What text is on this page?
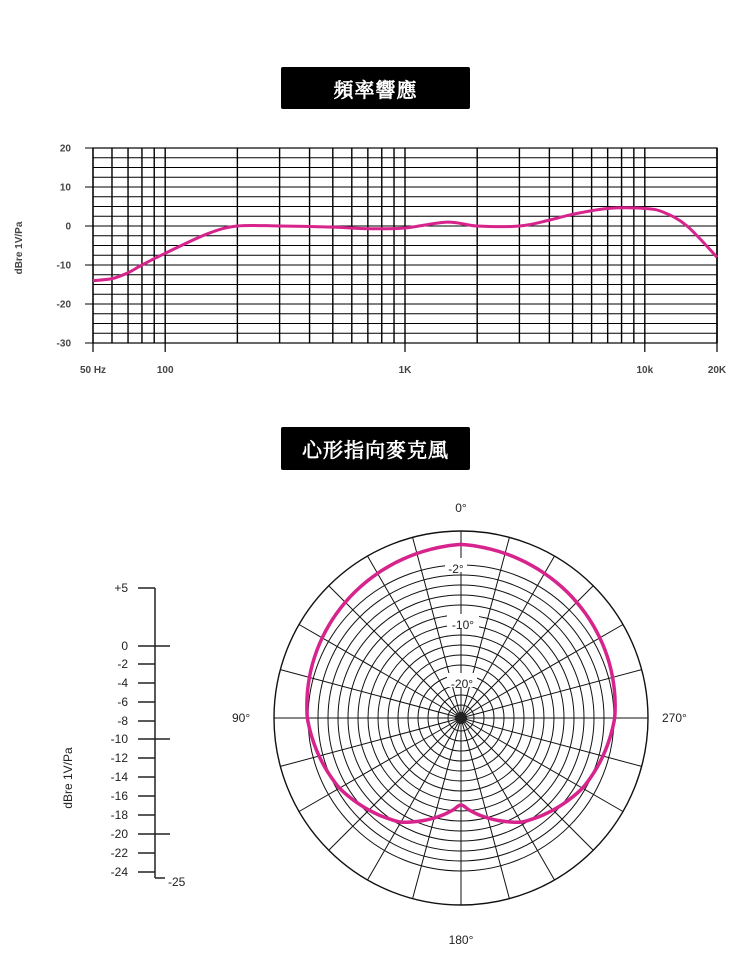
頻率響應
心形指向麥克風
20
10
0
-10
-20
-30
50 Hz	100	1K	10k	20K
dBre 1V/Pa
0°
90°
180°
270°
-2°
-10°
-20°
+5
0
-2
-4
-6
-8
-10
-12
-14
-16
-18
-20
-22
-24
-25
dBre 1V/Pa
